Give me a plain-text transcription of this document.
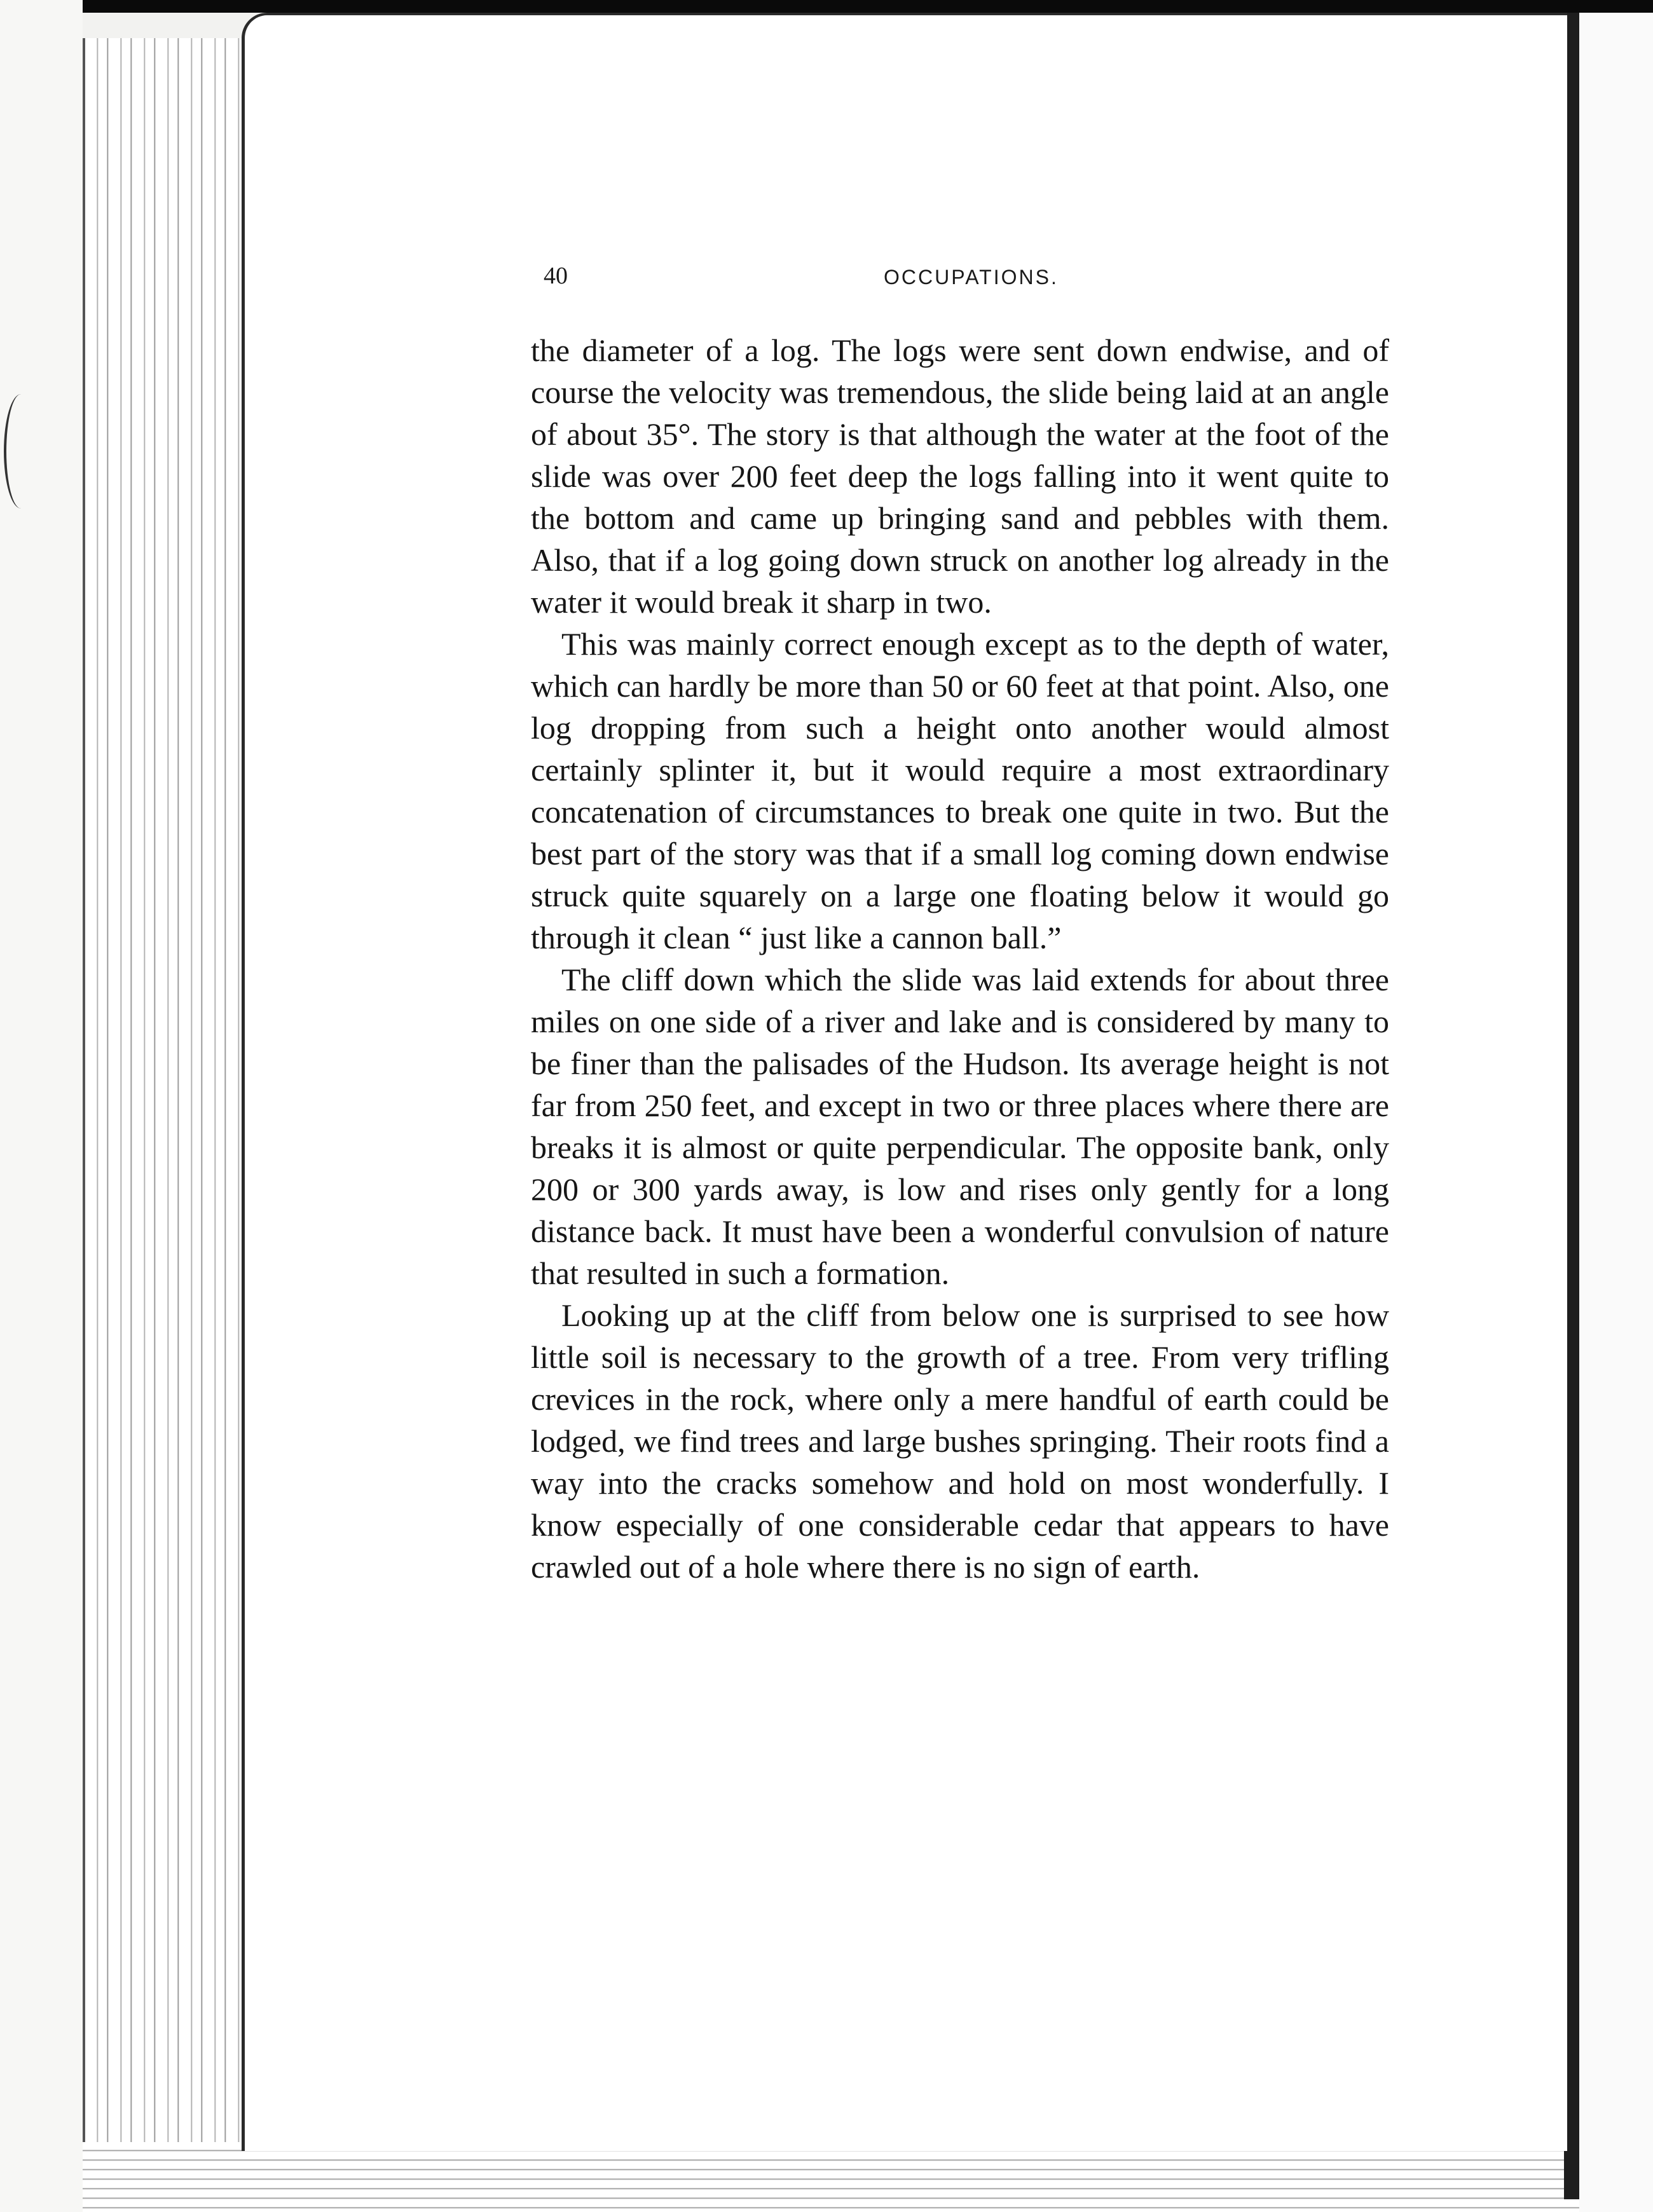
40	OCCUPATIONS.

the diameter of a log. The logs were sent down endwise, and of course the velocity was tremendous, the slide being laid at an angle of about 35°. The story is that although the water at the foot of the slide was over 200 feet deep the logs falling into it went quite to the bottom and came up bringing sand and pebbles with them. Also, that if a log going down struck on another log already in the water it would break it sharp in two.

This was mainly correct enough except as to the depth of water, which can hardly be more than 50 or 60 feet at that point. Also, one log dropping from such a height onto another would almost certainly splinter it, but it would require a most extraordinary concatenation of circumstances to break one quite in two. But the best part of the story was that if a small log coming down endwise struck quite squarely on a large one floating below it would go through it clean “ just like a cannon ball.”

The cliff down which the slide was laid extends for about three miles on one side of a river and lake and is considered by many to be finer than the palisades of the Hudson. Its average height is not far from 250 feet, and except in two or three places where there are breaks it is almost or quite perpendicular. The opposite bank, only 200 or 300 yards away, is low and rises only gently for a long distance back. It must have been a wonderful convulsion of nature that resulted in such a formation.

Looking up at the cliff from below one is surprised to see how little soil is necessary to the growth of a tree. From very trifling crevices in the rock, where only a mere handful of earth could be lodged, we find trees and large bushes springing. Their roots find a way into the cracks somehow and hold on most wonderfully. I know especially of one considerable cedar that appears to have crawled out of a hole where there is no sign of earth.
